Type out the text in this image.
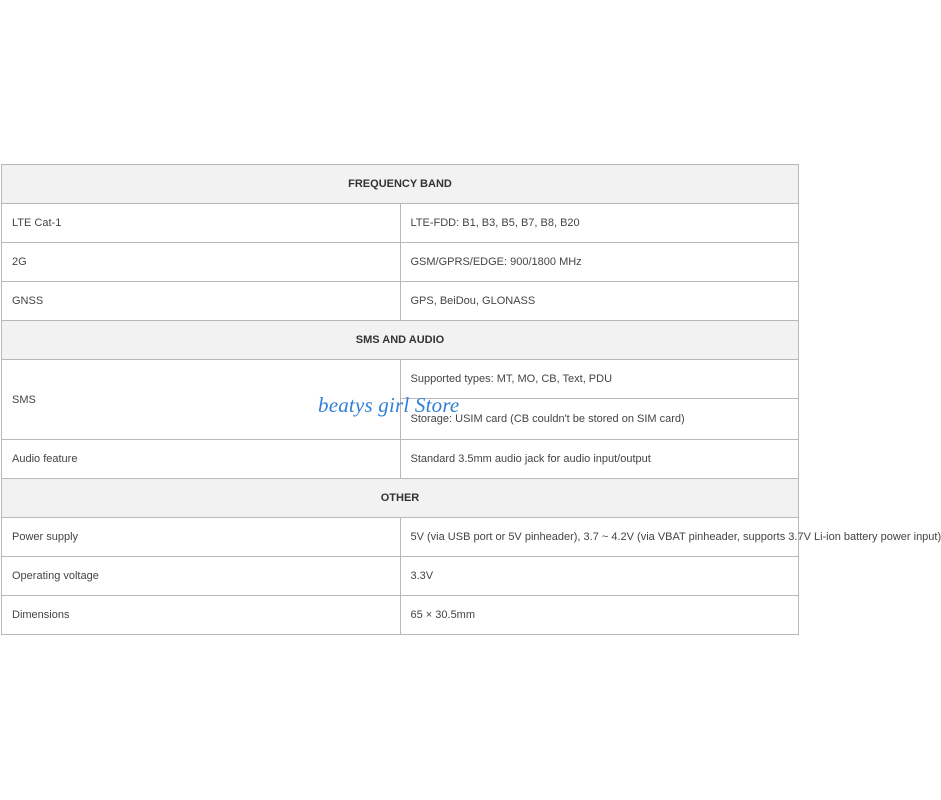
FREQUENCY BAND	
LTE Cat-1	LTE-FDD: B1, B3, B5, B7, B8, B20
2G	GSM/GPRS/EDGE: 900/1800 MHz
GNSS	GPS, BeiDou, GLONASS
SMS AND AUDIO	
SMS	Supported types: MT, MO, CB, Text, PDU
	Storage: USIM card (CB couldn't be stored on SIM card)
Audio feature	Standard 3.5mm audio jack for audio input/output
OTHER	
Power supply	5V (via USB port or 5V pinheader), 3.7 ~ 4.2V (via VBAT pinheader, supports 3.7V Li-ion battery power input)
Operating voltage	3.3V
Dimensions	65 × 30.5mm
beatys girl Store
